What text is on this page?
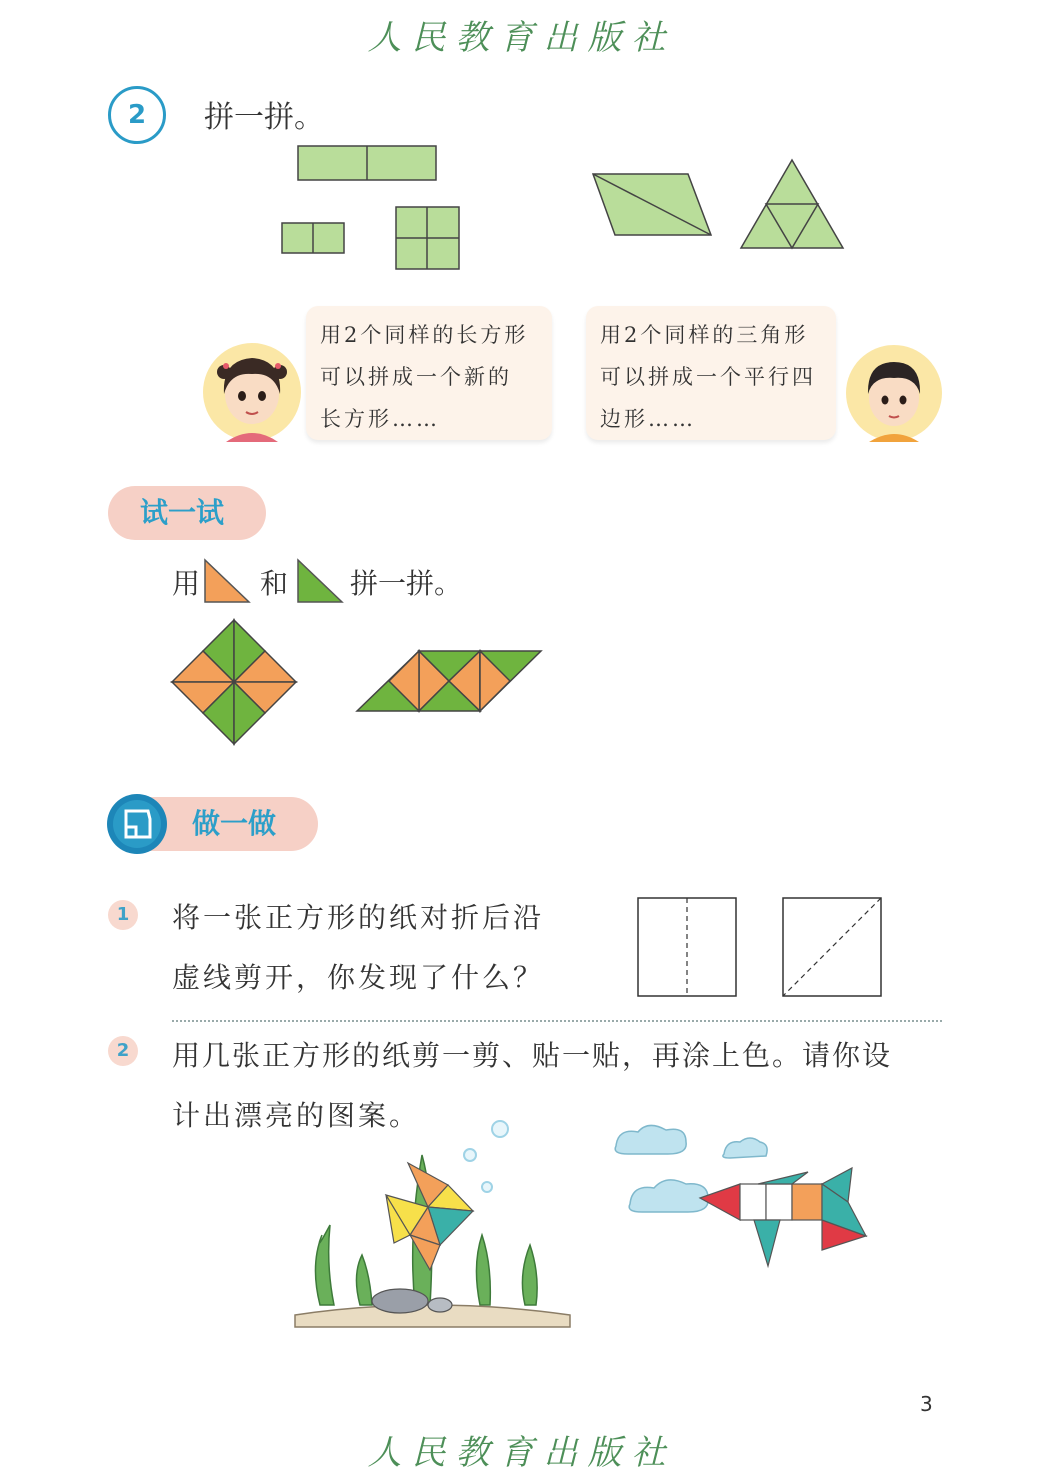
人民教育出版社
2	拼一拼。
用2个同样的长方形
可以拼成一个新的
长方形……
用2个同样的三角形
可以拼成一个平行四
边形……
试一试
用 和 拼一拼。
做一做
1	将一张正方形的纸对折后沿
虚线剪开，你发现了什么？
2	用几张正方形的纸剪一剪、贴一贴，再涂上色。请你设
计出漂亮的图案。
3
人民教育出版社
